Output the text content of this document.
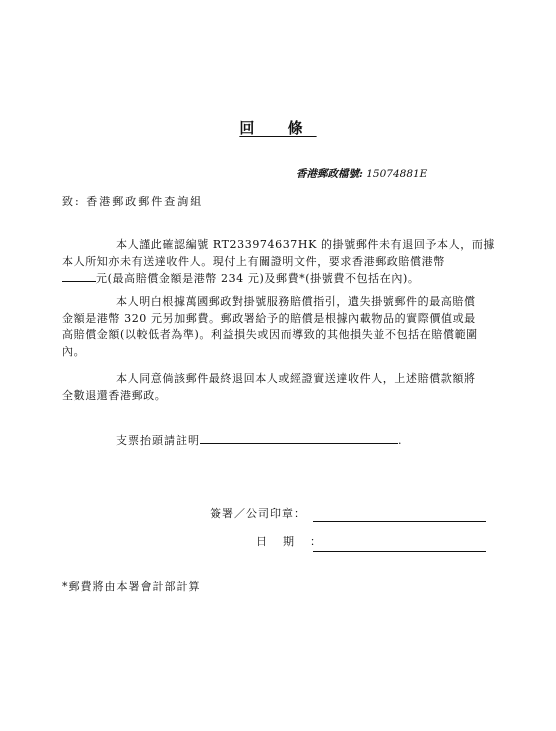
回 條
香港郵政檔號: 15074881E
致: 香港郵政郵件查詢組
本人謹此確認編號 RT233974637HK 的掛號郵件未有退回予本人，而據
本人所知亦未有送達收件人。現付上有關證明文件，要求香港郵政賠償港幣
元(最高賠償金額是港幣 234 元)及郵費*(掛號費不包括在內)。
本人明白根據萬國郵政對掛號服務賠償指引，遺失掛號郵件的最高賠償
金額是港幣 320 元另加郵費。郵政署給予的賠償是根據內載物品的實際價值或最
高賠償金額(以較低者為準)。利益損失或因而導致的其他損失並不包括在賠償範圍
內。
本人同意倘該郵件最終退回本人或經證實送達收件人，上述賠償款額將
全數退還香港郵政。
支票抬頭請註明	.
簽署／公司印章：
日期：
*郵費將由本署會計部計算
